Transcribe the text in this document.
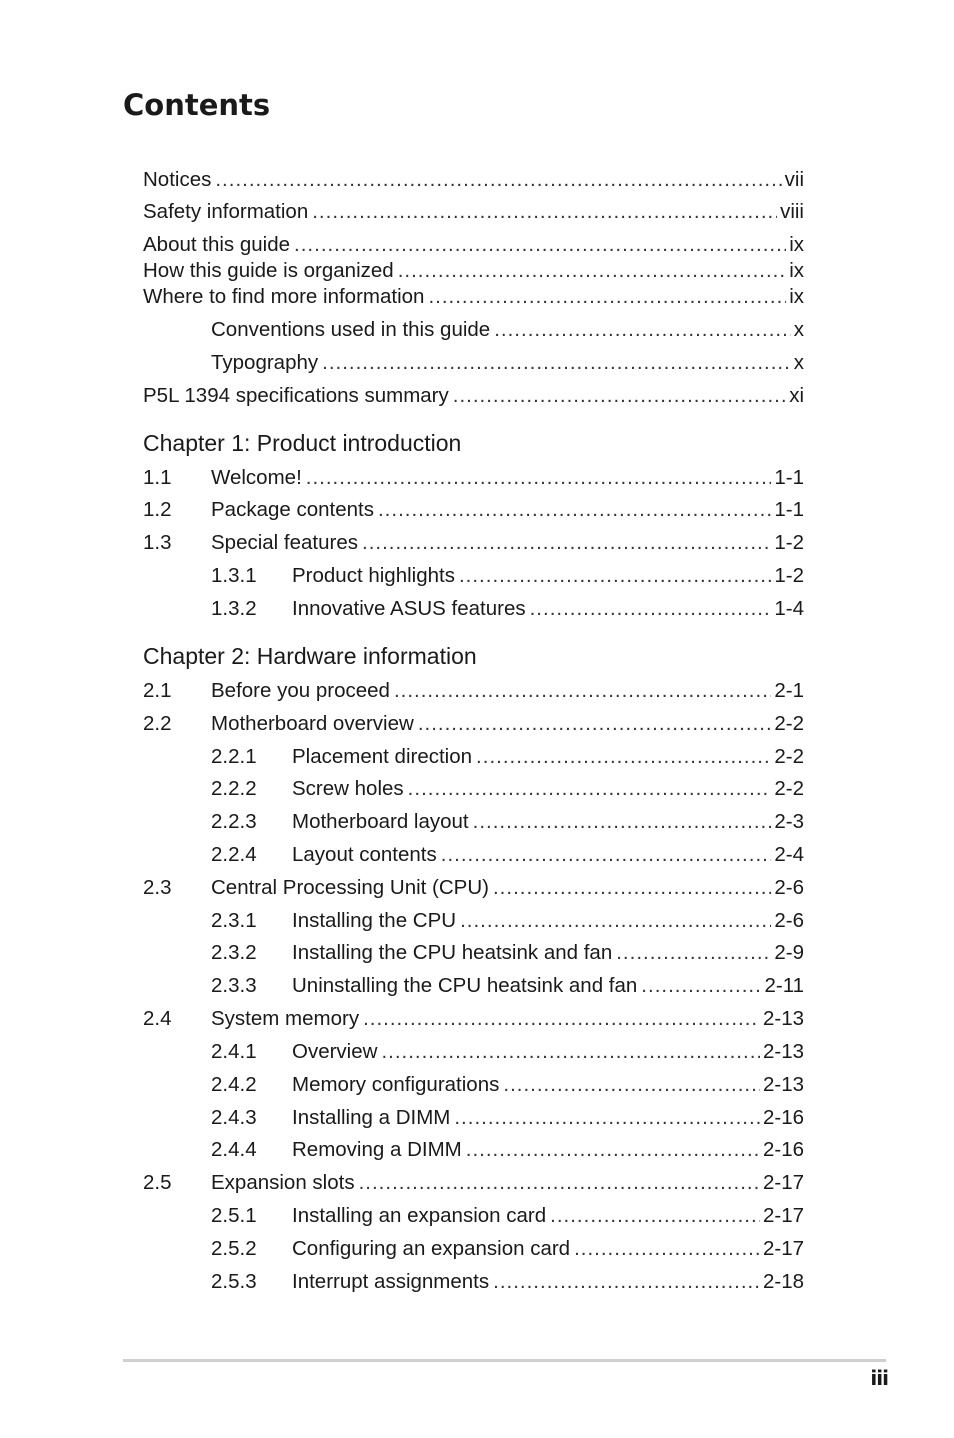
Contents
Notices .....	vii
Safety information .....	viii
About this guide .....	ix
How this guide is organized .....	ix
Where to find more information .....	ix
Conventions used in this guide .....	x
Typography .....	x
P5L 1394 specifications summary .....	xi
Chapter 1: Product introduction
1.1	Welcome! .....	1-1
1.2	Package contents .....	1-1
1.3	Special features .....	1-2
1.3.1	Product highlights .....	1-2
1.3.2	Innovative ASUS features .....	1-4
Chapter 2: Hardware information
2.1	Before you proceed .....	2-1
2.2	Motherboard overview .....	2-2
2.2.1	Placement direction .....	2-2
2.2.2	Screw holes .....	2-2
2.2.3	Motherboard layout .....	2-3
2.2.4	Layout contents .....	2-4
2.3	Central Processing Unit (CPU) .....	2-6
2.3.1	Installing the CPU .....	2-6
2.3.2	Installing the CPU heatsink and fan .....	2-9
2.3.3	Uninstalling the CPU heatsink and fan .....	2-11
2.4	System memory .....	2-13
2.4.1	Overview .....	2-13
2.4.2	Memory configurations .....	2-13
2.4.3	Installing a DIMM .....	2-16
2.4.4	Removing a DIMM .....	2-16
2.5	Expansion slots .....	2-17
2.5.1	Installing an expansion card .....	2-17
2.5.2	Configuring an expansion card .....	2-17
2.5.3	Interrupt assignments .....	2-18
iii
